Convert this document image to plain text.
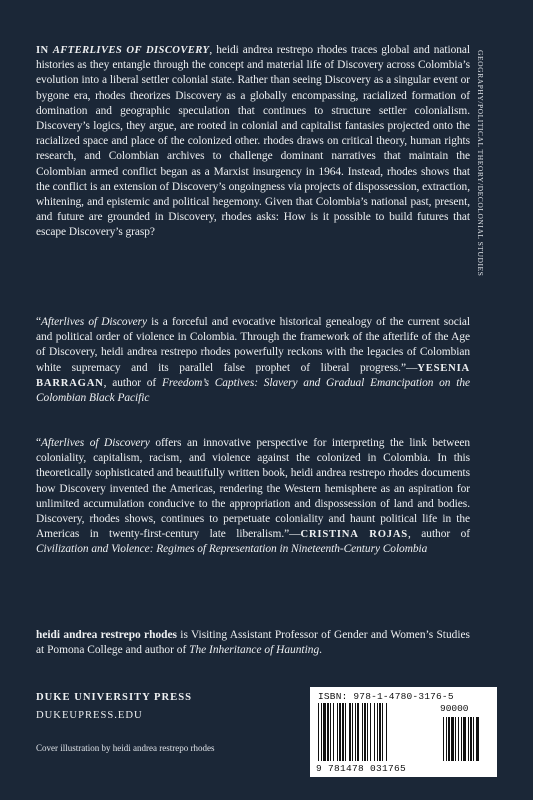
GEOGRAPHY/POLITICAL THEORY/DECOLONIAL STUDIES

IN AFTERLIVES OF DISCOVERY, heidi andrea restrepo rhodes traces global and national histories as they entangle through the concept and material life of Discovery across Colombia’s evolution into a liberal settler colonial state. Rather than seeing Discovery as a singular event or bygone era, rhodes theorizes Discovery as a globally encompassing, racialized formation of domination and geographic speculation that continues to structure settler colonialism. Discovery’s logics, they argue, are rooted in colonial and capitalist fantasies projected onto the racialized space and place of the colonized other. rhodes draws on critical theory, human rights research, and Colombian archives to challenge dominant narratives that maintain the Colombian armed conflict began as a Marxist insurgency in 1964. Instead, rhodes shows that the conflict is an extension of Discovery’s ongoingness via projects of dispossession, extraction, whitening, and epistemic and political hegemony. Given that Colombia’s national past, present, and future are grounded in Discovery, rhodes asks: How is it possible to build futures that escape Discovery’s grasp?

“Afterlives of Discovery is a forceful and evocative historical genealogy of the current social and political order of violence in Colombia. Through the framework of the afterlife of the Age of Discovery, heidi andrea restrepo rhodes powerfully reckons with the legacies of Colombian white supremacy and its parallel false prophet of liberal progress.”—YESENIA BARRAGAN, author of Freedom’s Captives: Slavery and Gradual Emancipation on the Colombian Black Pacific

“Afterlives of Discovery offers an innovative perspective for interpreting the link between coloniality, capitalism, racism, and violence against the colonized in Colombia. In this theoretically sophisticated and beautifully written book, heidi andrea restrepo rhodes documents how Discovery invented the Americas, rendering the Western hemisphere as an aspiration for unlimited accumulation conducive to the appropriation and dispossession of land and bodies. Discovery, rhodes shows, continues to perpetuate coloniality and haunt political life in the Americas in twenty-first-century late liberalism.”—CRISTINA ROJAS, author of Civilization and Violence: Regimes of Representation in Nineteenth-Century Colombia

heidi andrea restrepo rhodes is Visiting Assistant Professor of Gender and Women’s Studies at Pomona College and author of The Inheritance of Haunting.

DUKE UNIVERSITY PRESS
DUKEUPRESS.EDU
Cover illustration by heidi andrea restrepo rhodes
ISBN: 978-1-4780-3176-5
90000
9 781478 031765
